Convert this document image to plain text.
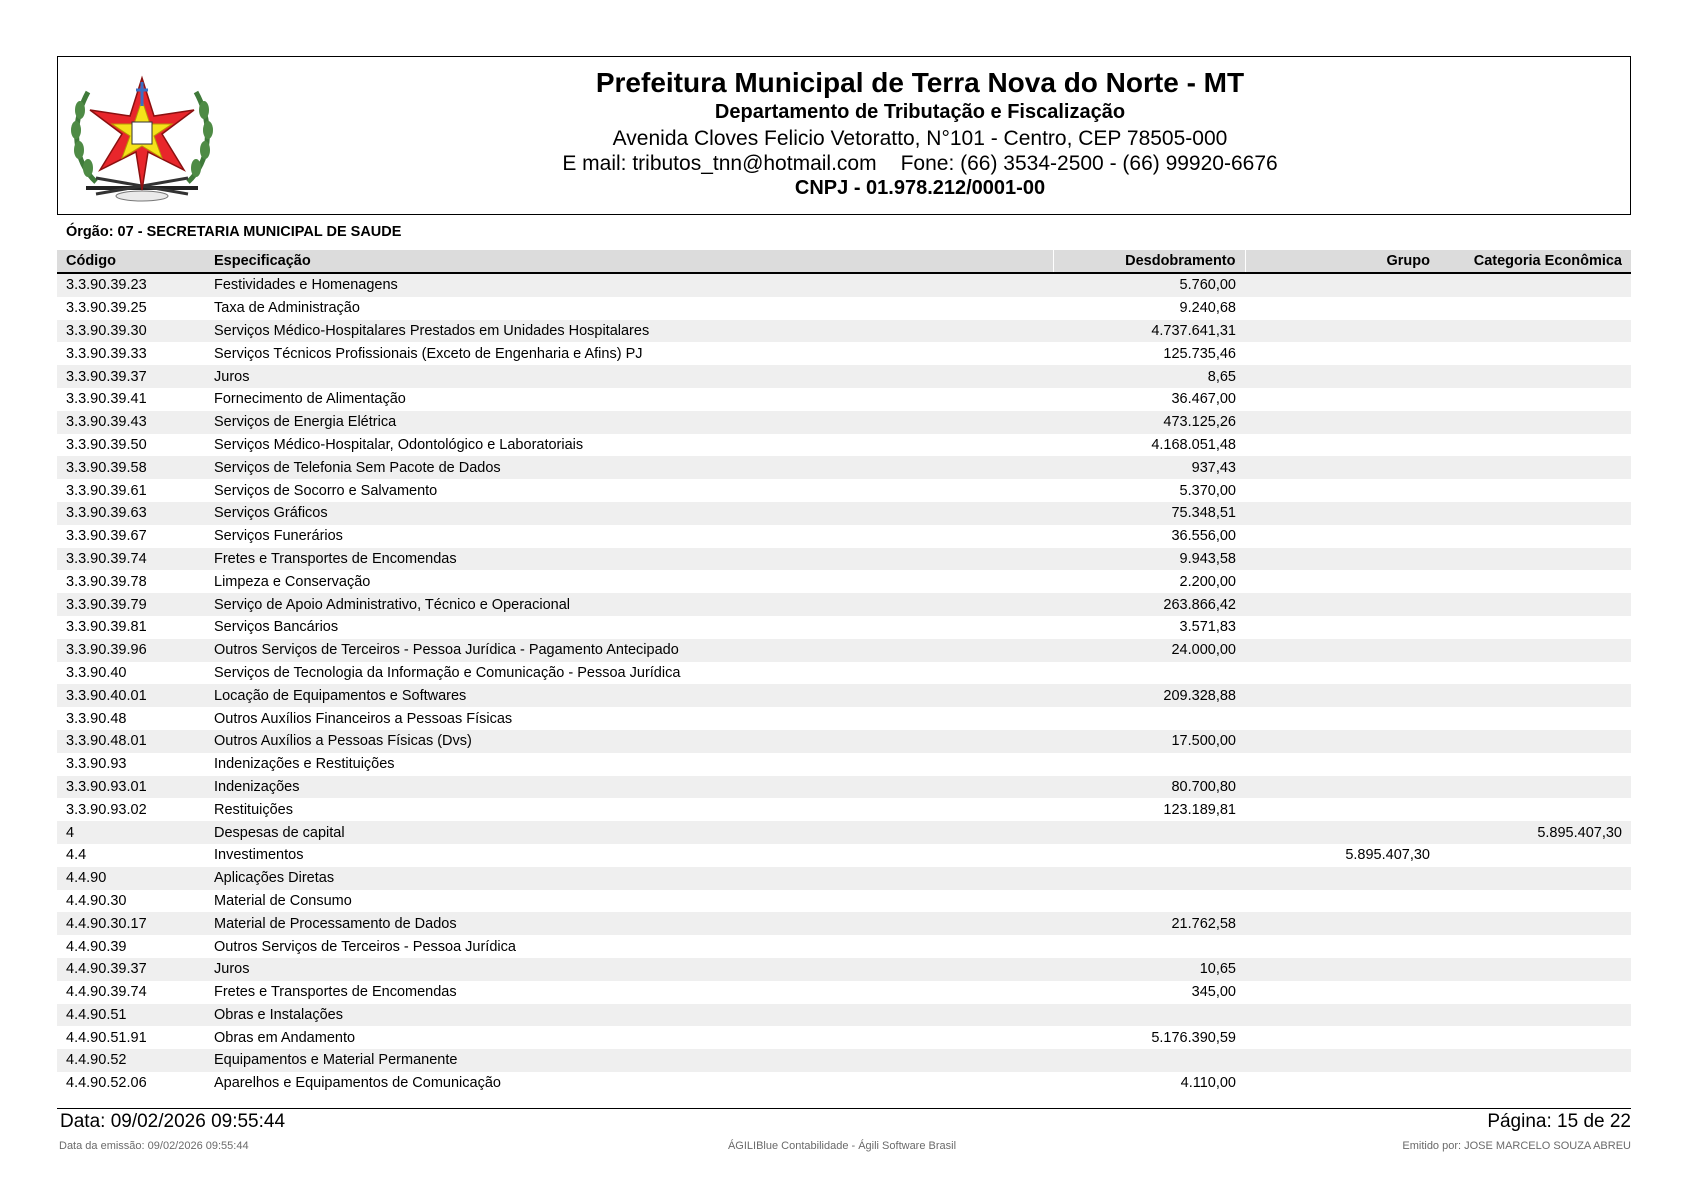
Prefeitura Municipal de Terra Nova do Norte - MT
Departamento de Tributação e Fiscalização
Avenida Cloves Felicio Vetoratto, N°101 - Centro, CEP 78505-000
E mail: tributos_tnn@hotmail.com Fone: (66) 3534-2500 - (66) 99920-6676
CNPJ - 01.978.212/0001-00
Órgão: 07 - SECRETARIA MUNICIPAL DE SAUDE
Código	Especificação	Desdobramento	Grupo	Categoria Econômica
3.3.90.39.23	Festividades e Homenagens	5.760,00		
3.3.90.39.25	Taxa de Administração	9.240,68		
3.3.90.39.30	Serviços Médico-Hospitalares Prestados em Unidades Hospitalares	4.737.641,31		
3.3.90.39.33	Serviços Técnicos Profissionais (Exceto de Engenharia e Afins) PJ	125.735,46		
3.3.90.39.37	Juros	8,65		
3.3.90.39.41	Fornecimento de Alimentação	36.467,00		
3.3.90.39.43	Serviços de Energia Elétrica	473.125,26		
3.3.90.39.50	Serviços Médico-Hospitalar, Odontológico e Laboratoriais	4.168.051,48		
3.3.90.39.58	Serviços de Telefonia Sem Pacote de Dados	937,43		
3.3.90.39.61	Serviços de Socorro e Salvamento	5.370,00		
3.3.90.39.63	Serviços Gráficos	75.348,51		
3.3.90.39.67	Serviços Funerários	36.556,00		
3.3.90.39.74	Fretes e Transportes de Encomendas	9.943,58		
3.3.90.39.78	Limpeza e Conservação	2.200,00		
3.3.90.39.79	Serviço de Apoio Administrativo, Técnico e Operacional	263.866,42		
3.3.90.39.81	Serviços Bancários	3.571,83		
3.3.90.39.96	Outros Serviços de Terceiros - Pessoa Jurídica - Pagamento Antecipado	24.000,00		
3.3.90.40	Serviços de Tecnologia da Informação e Comunicação - Pessoa Jurídica			
3.3.90.40.01	Locação de Equipamentos e Softwares	209.328,88		
3.3.90.48	Outros Auxílios Financeiros a Pessoas Físicas			
3.3.90.48.01	Outros Auxílios a Pessoas Físicas (Dvs)	17.500,00		
3.3.90.93	Indenizações e Restituições			
3.3.90.93.01	Indenizações	80.700,80		
3.3.90.93.02	Restituições	123.189,81		
4	Despesas de capital			5.895.407,30
4.4	Investimentos		5.895.407,30	
4.4.90	Aplicações Diretas			
4.4.90.30	Material de Consumo			
4.4.90.30.17	Material de Processamento de Dados	21.762,58		
4.4.90.39	Outros Serviços de Terceiros - Pessoa Jurídica			
4.4.90.39.37	Juros	10,65		
4.4.90.39.74	Fretes e Transportes de Encomendas	345,00		
4.4.90.51	Obras e Instalações			
4.4.90.51.91	Obras em Andamento	5.176.390,59		
4.4.90.52	Equipamentos e Material Permanente			
4.4.90.52.06	Aparelhos e Equipamentos de Comunicação	4.110,00		
Data: 09/02/2026 09:55:44	Página: 15 de 22
Data da emissão: 09/02/2026 09:55:44	ÁGILIBlue Contabilidade - Ágili Software Brasil	Emitido por: JOSE MARCELO SOUZA ABREU
